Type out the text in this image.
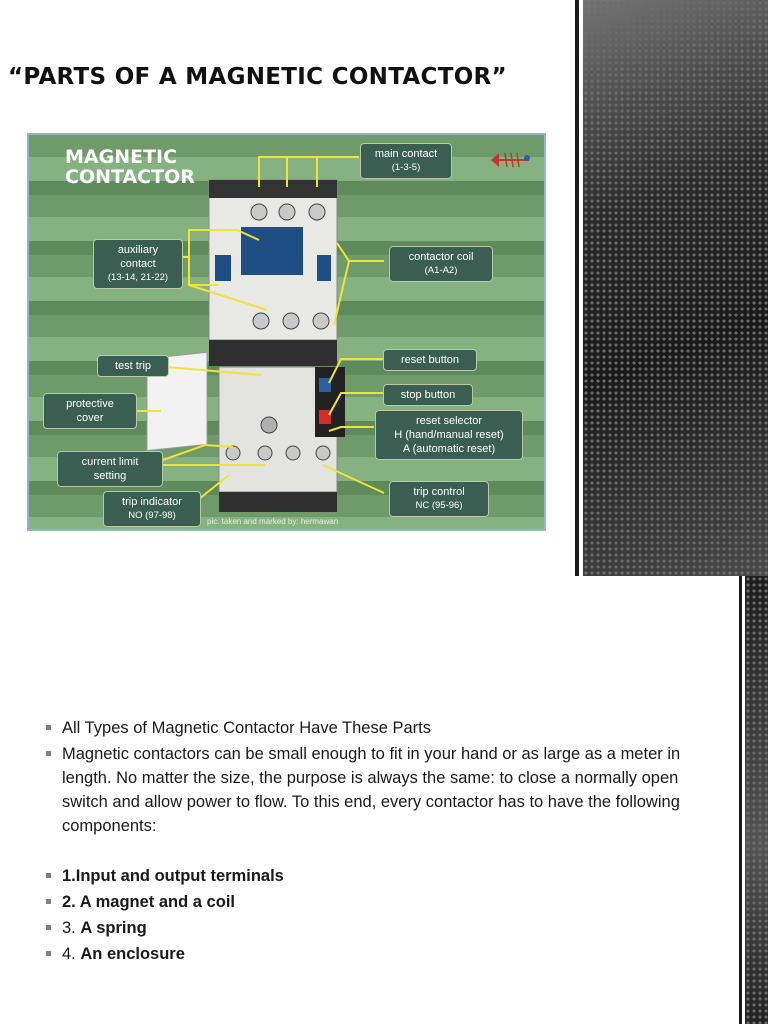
“PARTS OF A MAGNETIC CONTACTOR”
MAGNETIC
CONTACTOR
main contact
(1-3-5)
auxiliary
contact
(13-14, 21-22)
contactor coil
(A1-A2)
test trip	reset button
protective
cover
stop button
reset selector
H (hand/manual reset)
A (automatic reset)
current limit
setting
trip control
NC (95-96)
trip indicator
NO (97-98)
pic. taken and marked by: hermawan
All Types of Magnetic Contactor Have These Parts
Magnetic contactors can be small enough to fit in your hand or as large as a meter in length. No matter the size, the purpose is always the same: to close a normally open switch and allow power to flow. To this end, every contactor has to have the following components:
1.Input and output terminals
2. A magnet and a coil
3. A spring
4. An enclosure
